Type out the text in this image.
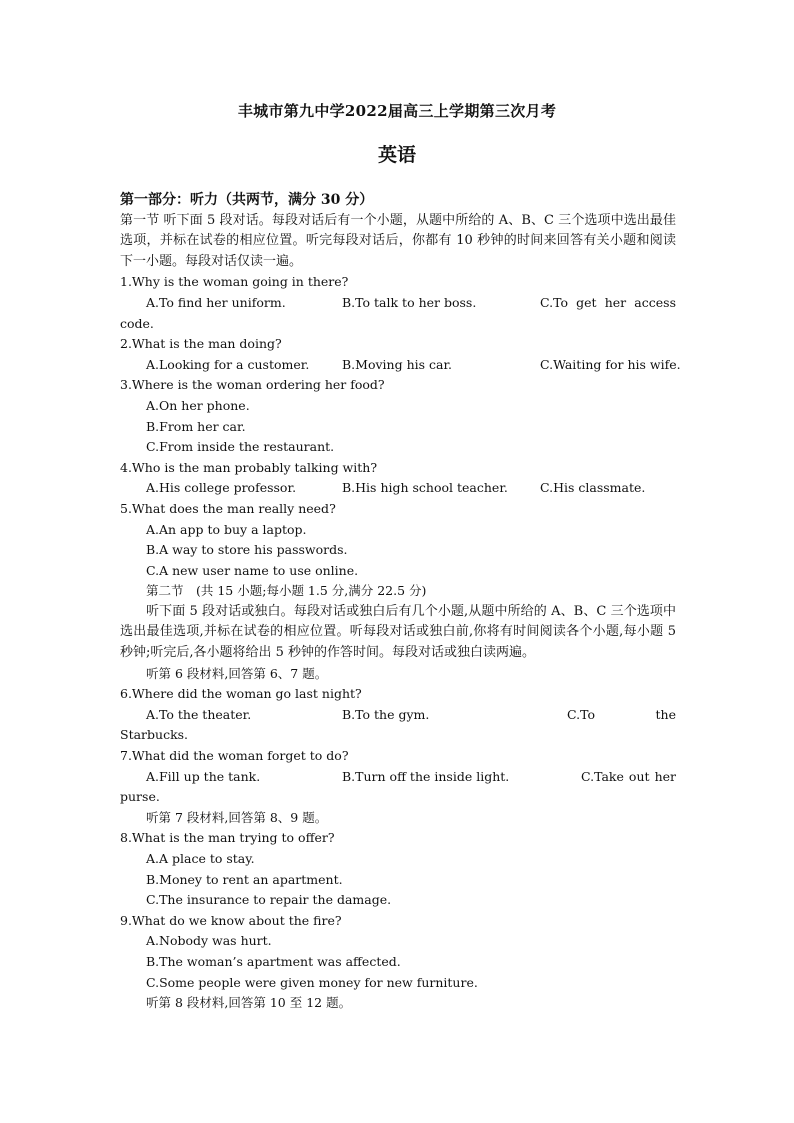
丰城市第九中学2022届高三上学期第三次月考
英语
第一部分：听力（共两节，满分 30 分）
第一节 听下面 5 段对话。每段对话后有一个小题，从题中所给的 A、B、C 三个选项中选出最佳选项，并标在试卷的相应位置。听完每段对话后，你都有 10 秒钟的时间来回答有关小题和阅读下一小题。每段对话仅读一遍。
1.Why is the woman going in there?
A.To find her uniform.	B.To talk to her boss.	C.To get her access
code.
2.What is the man doing?
A.Looking for a customer.	B.Moving his car.	C.Waiting for his wife.
3.Where is the woman ordering her food?
A.On her phone.
B.From her car.
C.From inside the restaurant.
4.Who is the man probably talking with?
A.His college professor.	B.His high school teacher.	C.His classmate.
5.What does the man really need?
A.An app to buy a laptop.
B.A way to store his passwords.
C.A new user name to use online.
第二节　(共 15 小题;每小题 1.5 分,满分 22.5 分)
听下面 5 段对话或独白。每段对话或独白后有几个小题,从题中所给的 A、B、C 三个选项中选出最佳选项,并标在试卷的相应位置。听每段对话或独白前,你将有时间阅读各个小题,每小题 5 秒钟;听完后,各小题将给出 5 秒钟的作答时间。每段对话或独白读两遍。
听第 6 段材料,回答第 6、7 题。
6.Where did the woman go last night?
A.To the theater.	B.To the gym.	C.To	the
Starbucks.
7.What did the woman forget to do?
A.Fill up the tank.	B.Turn off the inside light.	C.Take out her
purse.
听第 7 段材料,回答第 8、9 题。
8.What is the man trying to offer?
A.A place to stay.
B.Money to rent an apartment.
C.The insurance to repair the damage.
9.What do we know about the fire?
A.Nobody was hurt.
B.The woman’s apartment was affected.
C.Some people were given money for new furniture.
听第 8 段材料,回答第 10 至 12 题。
